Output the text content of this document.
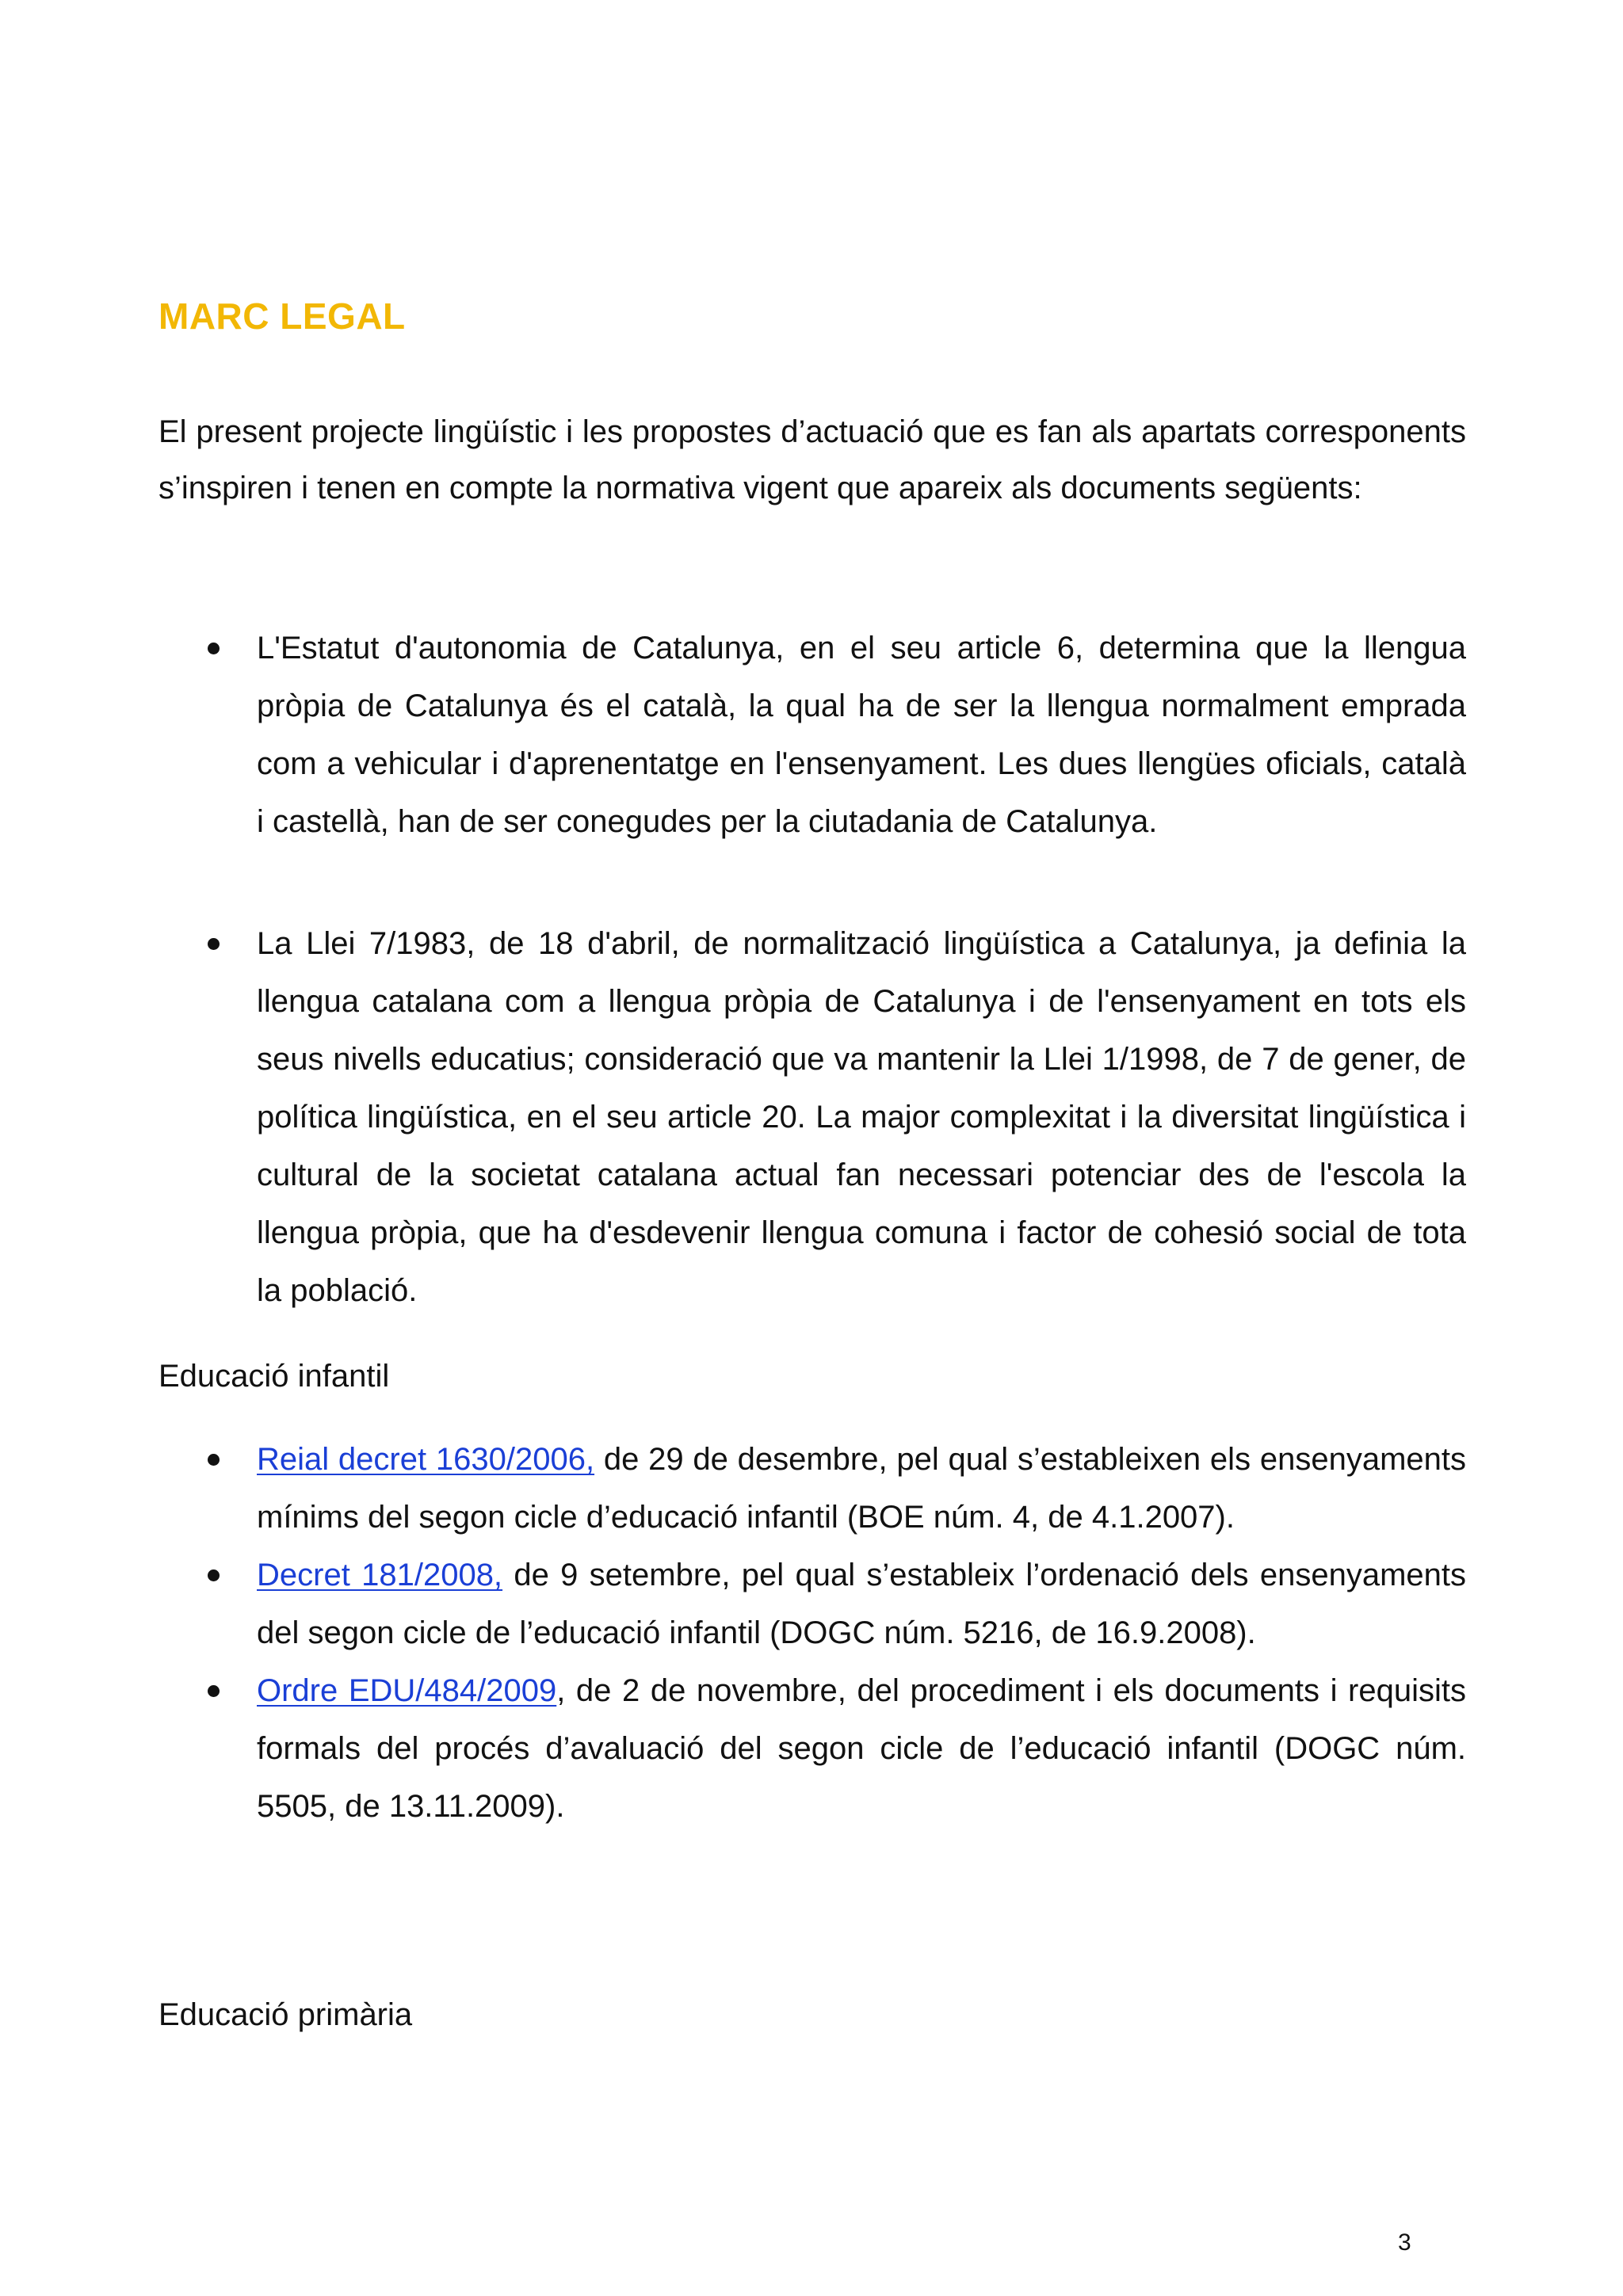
MARC LEGAL

El present projecte lingüístic i les propostes d’actuació que es fan als apartats corresponents s’inspiren i tenen en compte la normativa vigent que apareix als documents següents:

L'Estatut d'autonomia de Catalunya, en el seu article 6, determina que la llengua pròpia de Catalunya és el català, la qual ha de ser la llengua normalment emprada com a vehicular i d'aprenentatge en l'ensenyament. Les dues llengües oficials, català i castellà, han de ser conegudes per la ciutadania de Catalunya.
La Llei 7/1983, de 18 d'abril, de normalització lingüística a Catalunya, ja definia la llengua catalana com a llengua pròpia de Catalunya i de l'ensenyament en tots els seus nivells educatius; consideració que va mantenir la Llei 1/1998, de 7 de gener, de política lingüística, en el seu article 20. La major complexitat i la diversitat lingüística i cultural de la societat catalana actual fan necessari potenciar des de l'escola la llengua pròpia, que ha d'esdevenir llengua comuna i factor de cohesió social de tota la població.
Educació infantil
Reial decret 1630/2006, de 29 de desembre, pel qual s’estableixen els ensenyaments mínims del segon cicle d’educació infantil (BOE núm. 4, de 4.1.2007).
Decret 181/2008, de 9 setembre, pel qual s’estableix l’ordenació dels ensenyaments del segon cicle de l’educació infantil (DOGC núm. 5216, de 16.9.2008).
Ordre EDU/484/2009, de 2 de novembre, del procediment i els documents i requisits formals del procés d’avaluació del segon cicle de l’educació infantil (DOGC núm. 5505, de 13.11.2009).
Educació primària
3
